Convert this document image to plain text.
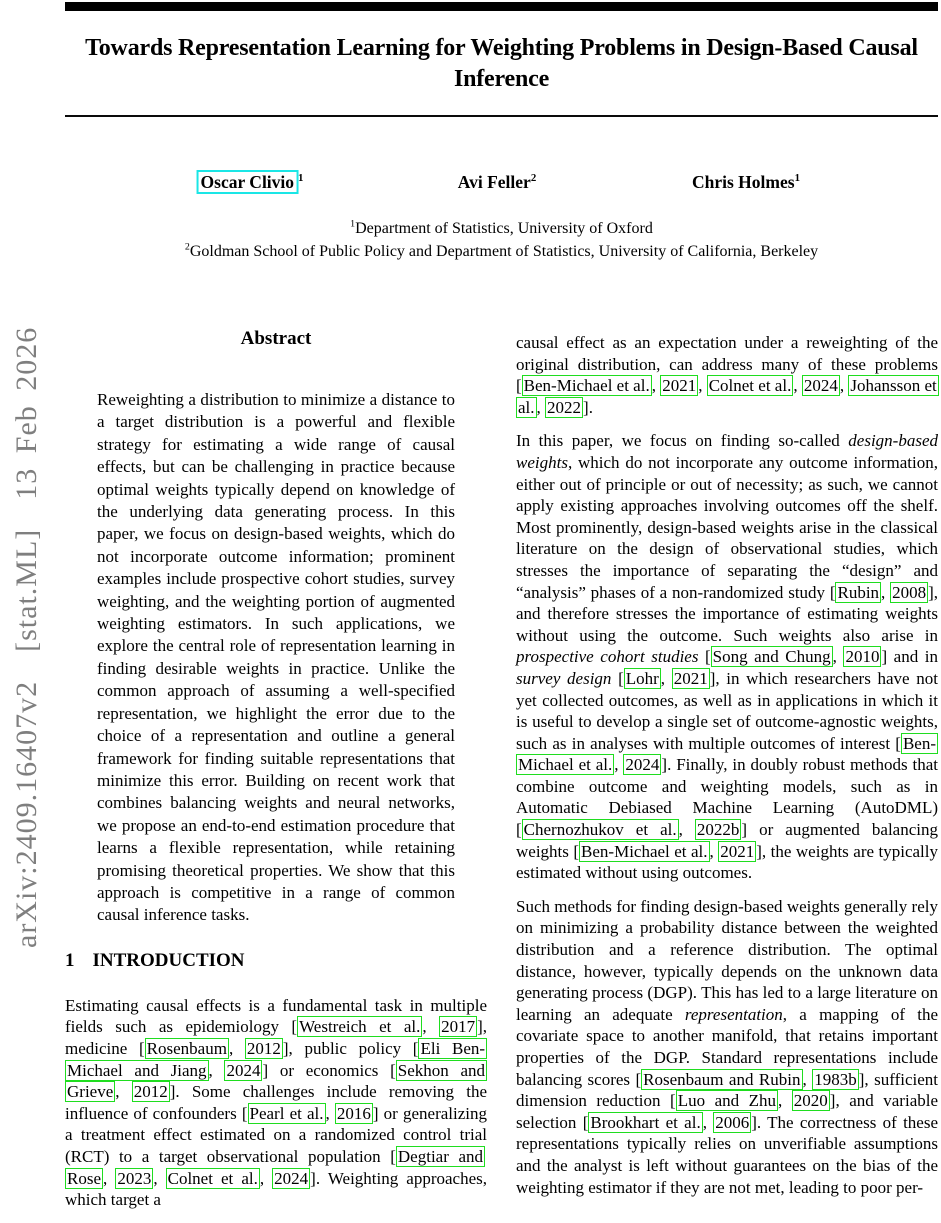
arXiv:2409.16407v2  [stat.ML]  13 Feb 2026
Towards Representation Learning for Weighting Problems in Design-Based Causal Inference
Oscar Clivio $^1$	Avi Feller$^2$	Chris Holmes$^1$
$^1$Department of Statistics, University of Oxford
$^2$Goldman School of Public Policy and Department of Statistics, University of California, Berkeley
Abstract
Reweighting a distribution to minimize a distance to a target distribution is a powerful and flexible strategy for estimating a wide range of causal effects, but can be challenging in practice because optimal weights typically depend on knowledge of the underlying data generating process. In this paper, we focus on design-based weights, which do not incorporate outcome information; prominent examples include prospective cohort studies, survey weighting, and the weighting portion of augmented weighting estimators. In such applications, we explore the central role of representation learning in finding desirable weights in practice. Unlike the common approach of assuming a well-specified representation, we highlight the error due to the choice of a representation and outline a general framework for finding suitable representations that minimize this error. Building on recent work that combines balancing weights and neural networks, we propose an end-to-end estimation procedure that learns a flexible representation, while retaining promising theoretical properties. We show that this approach is competitive in a range of common causal inference tasks.
1 INTRODUCTION
Estimating causal effects is a fundamental task in multiple fields such as epidemiology [ Westreich et al. , 2017 ], medicine [ Rosenbaum , 2012 ], public policy [ Eli Ben-Michael and Jiang , 2024 ] or economics [ Sekhon and Grieve , 2012 ]. Some challenges include removing the influence of confounders [ Pearl et al. , 2016 ] or generalizing a treatment effect estimated on a randomized control trial (RCT) to a target observational population [ Degtiar and Rose , 2023 , Colnet et al. , 2024 ]. Weighting approaches, which target a
causal effect as an expectation under a reweighting of the original distribution, can address many of these problems [ Ben-Michael et al. , 2021 , Colnet et al. , 2024 , Johansson et al. , 2022 ].
In this paper, we focus on finding so-called design-based weights, which do not incorporate any outcome information, either out of principle or out of necessity; as such, we cannot apply existing approaches involving outcomes off the shelf. Most prominently, design-based weights arise in the classical literature on the design of observational studies, which stresses the importance of separating the “design” and “analysis” phases of a non-randomized study [ Rubin , 2008 ], and therefore stresses the importance of estimating weights without using the outcome. Such weights also arise in prospective cohort studies [ Song and Chung , 2010 ] and in survey design [ Lohr , 2021 ], in which researchers have not yet collected outcomes, as well as in applications in which it is useful to develop a single set of outcome-agnostic weights, such as in analyses with multiple outcomes of interest [ Ben-Michael et al. , 2024 ]. Finally, in doubly robust methods that combine outcome and weighting models, such as in Automatic Debiased Machine Learning (AutoDML) [ Chernozhukov et al. , 2022b ] or augmented balancing weights [ Ben-Michael et al. , 2021 ], the weights are typically estimated without using outcomes.
Such methods for finding design-based weights generally rely on minimizing a probability distance between the weighted distribution and a reference distribution. The optimal distance, however, typically depends on the unknown data generating process (DGP). This has led to a large literature on learning an adequate representation, a mapping of the covariate space to another manifold, that retains important properties of the DGP. Standard representations include balancing scores [ Rosenbaum and Rubin , 1983b ], sufficient dimension reduction [ Luo and Zhu , 2020 ], and variable selection [ Brookhart et al. , 2006 ]. The correctness of these representations typically relies on unverifiable assumptions and the analyst is left without guarantees on the bias of the weighting estimator if they are not met, leading to poor per-
